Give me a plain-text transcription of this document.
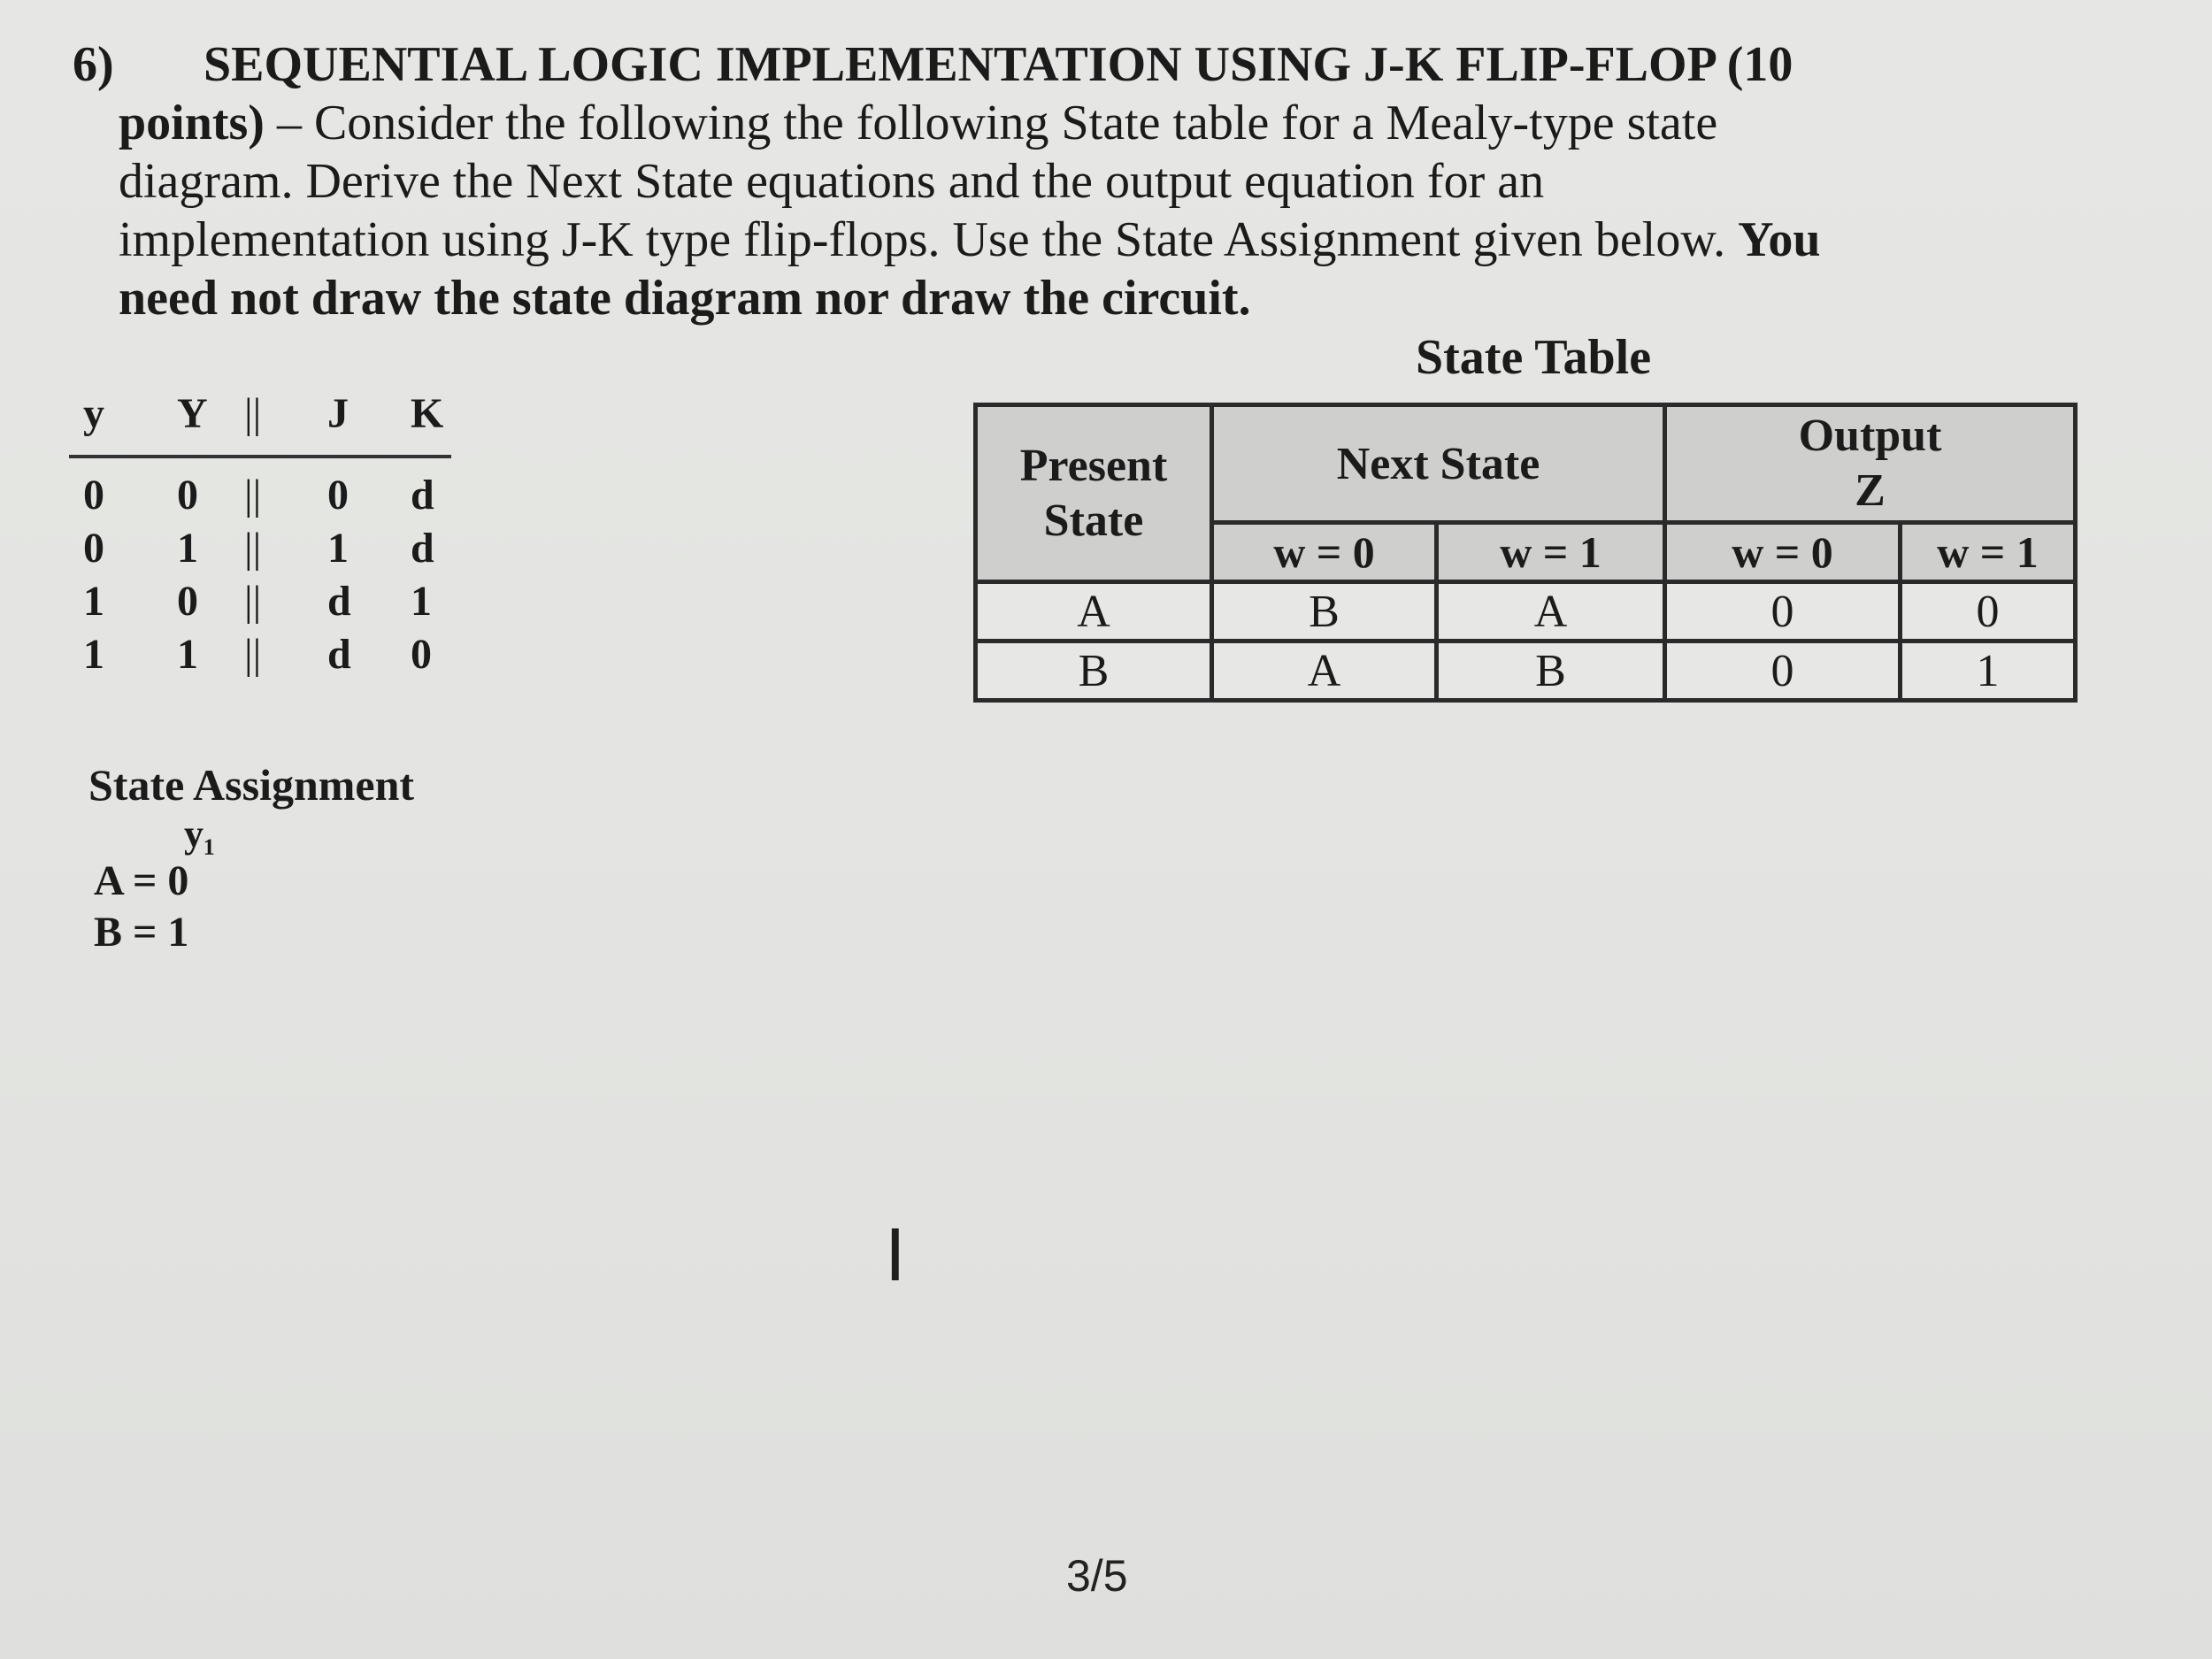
6) SEQUENTIAL LOGIC IMPLEMENTATION USING J-K FLIP-FLOP (10
points) – Consider the following the following State table for a Mealy-type state
diagram. Derive the Next State equations and the output equation for an
implementation using J-K type flip-flops. Use the State Assignment given below. You
need not draw the state diagram nor draw the circuit.
y Y || J K
0 0 || 0 d
0 1 || 1 d
1 0 || d 1
1 1 || d 0
State Assignment
y₁
A = 0
B = 1
State Table
Present State	Next State		Output
Z	

	w = 0	w = 1	w = 0	w = 1
A	B	A	0	0
B	A	B	0	1
I
3/5
